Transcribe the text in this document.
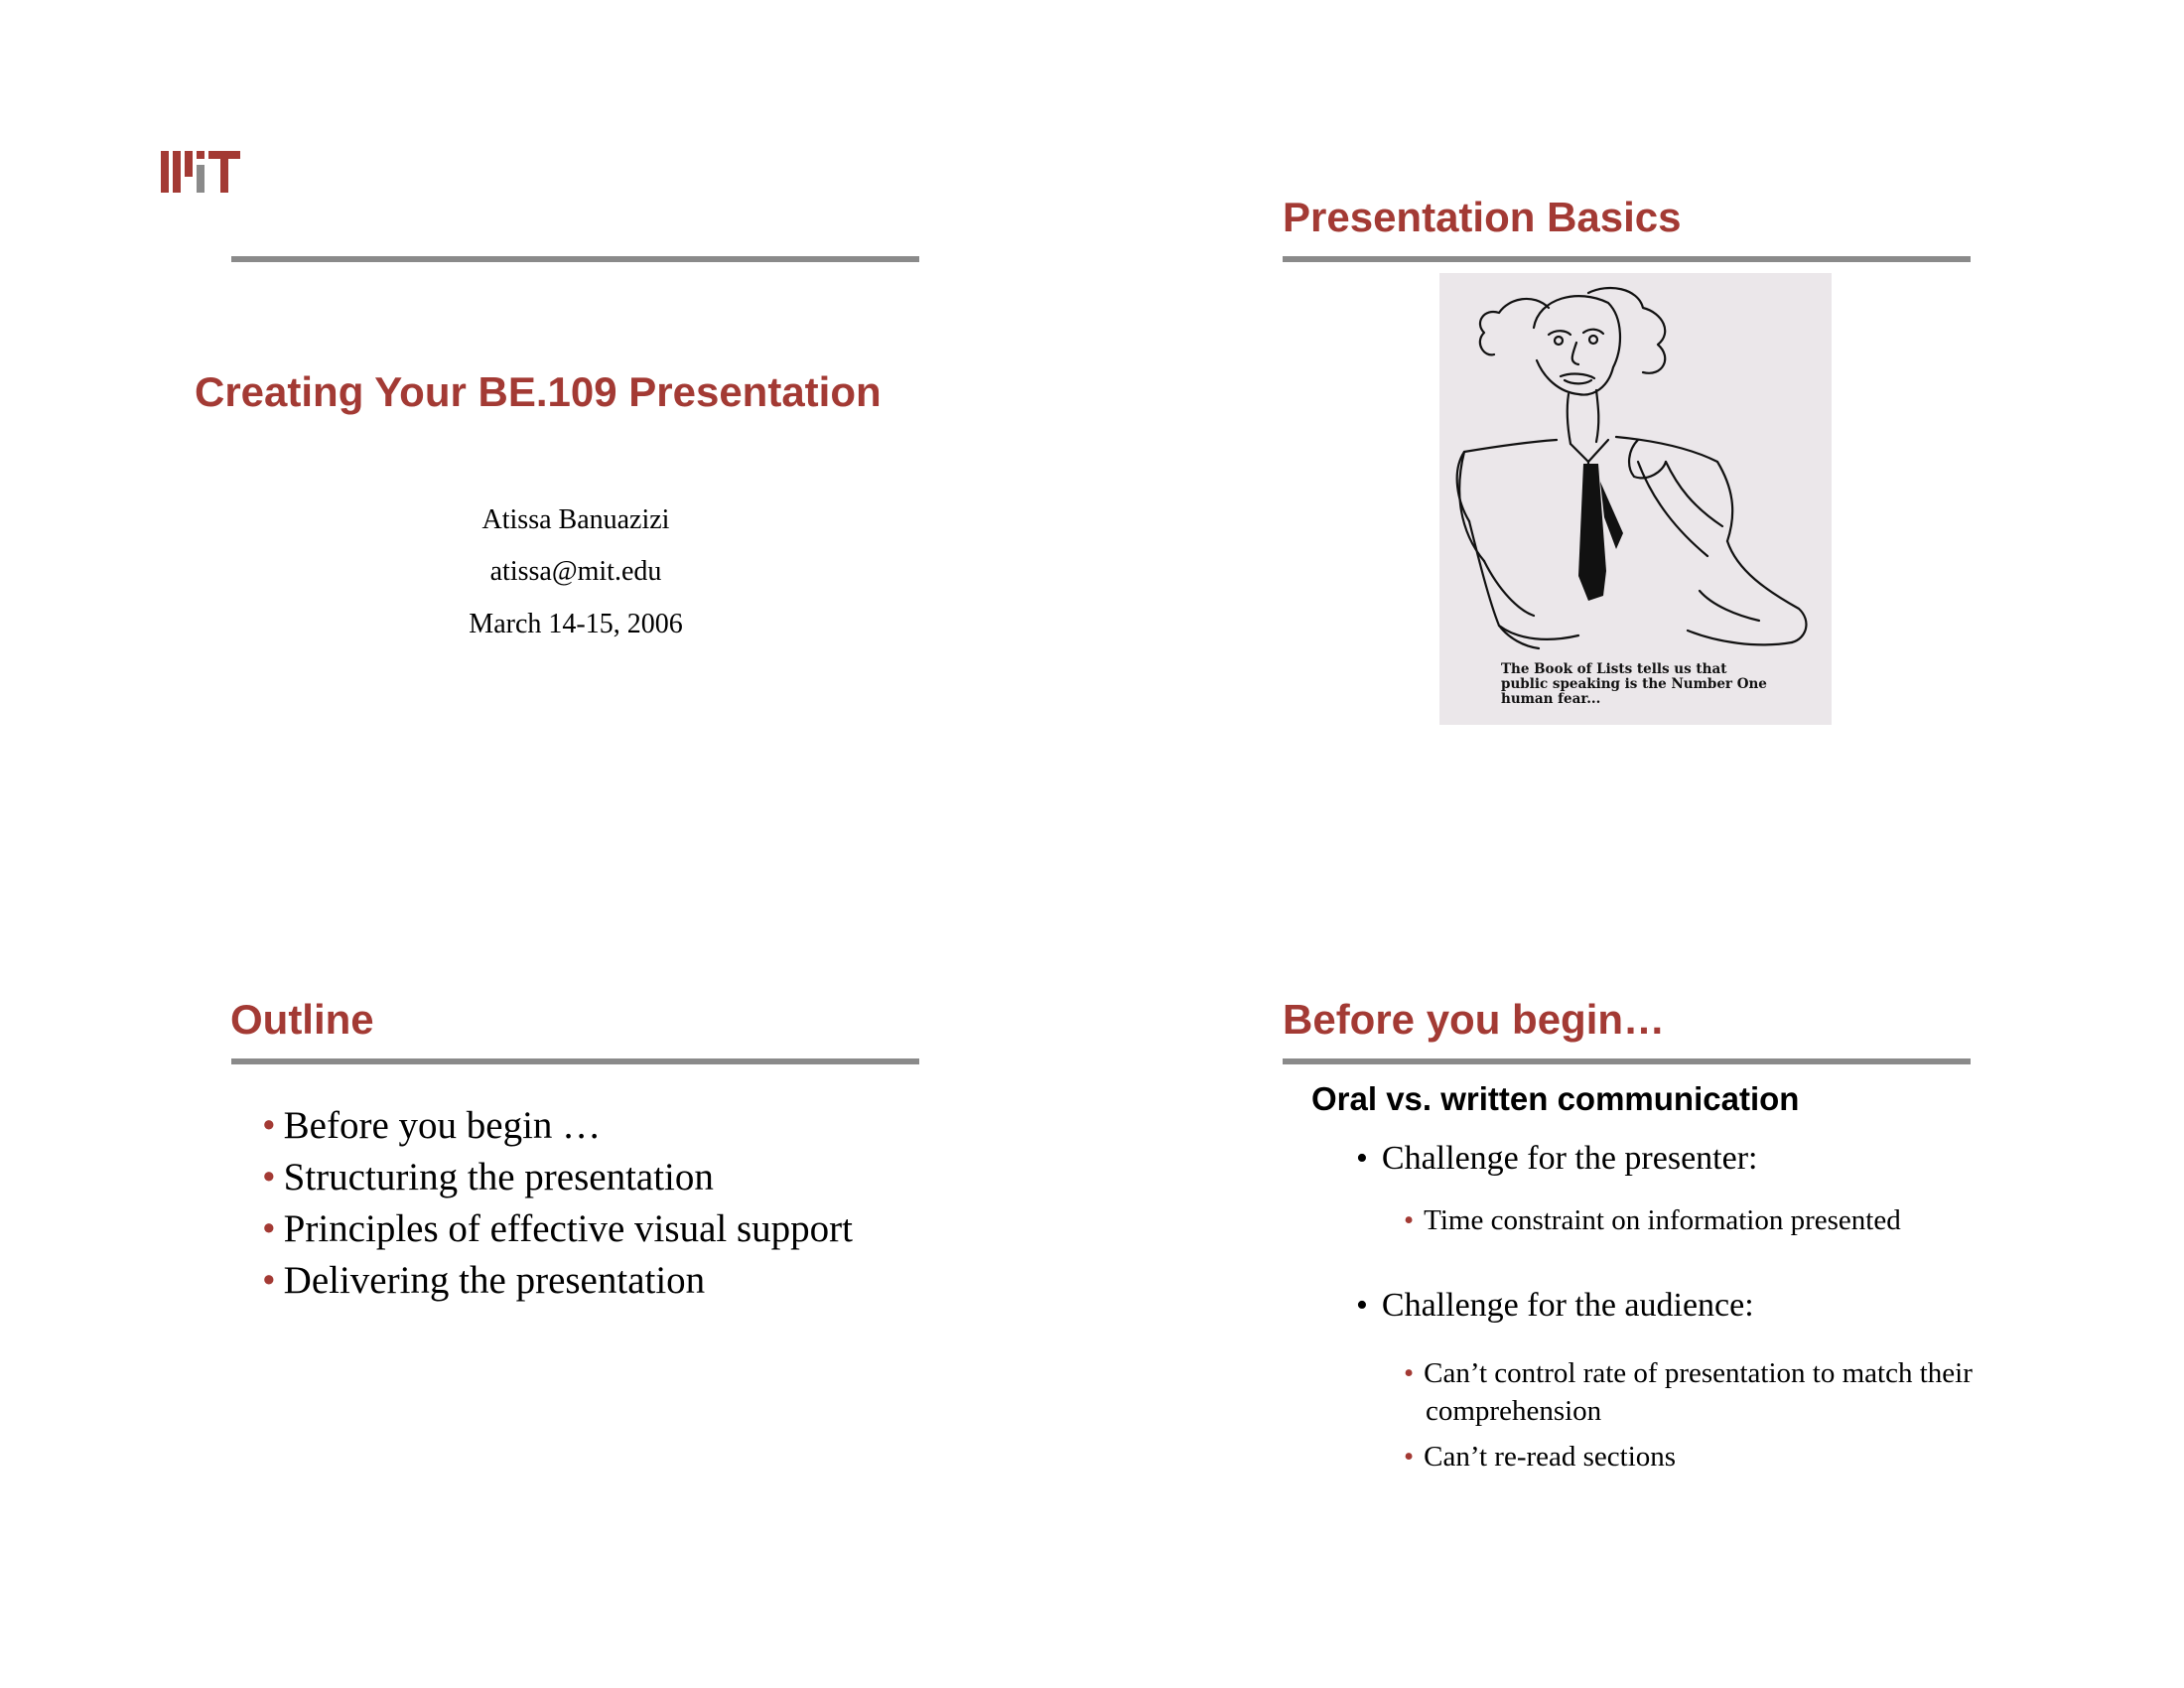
Creating Your BE.109 Presentation
Atissa Banuazizi
atissa@mit.edu
March 14-15, 2006
Presentation Basics
The Book of Lists tells us that
public speaking is the Number One
human fear...
Outline
• Before you begin …
• Structuring the presentation
• Principles of effective visual support
• Delivering the presentation
Before you begin…
Oral vs. written communication
• Challenge for the presenter:
• Time constraint on information presented
• Challenge for the audience:
• Can’t control rate of presentation to match their
comprehension
• Can’t re-read sections
